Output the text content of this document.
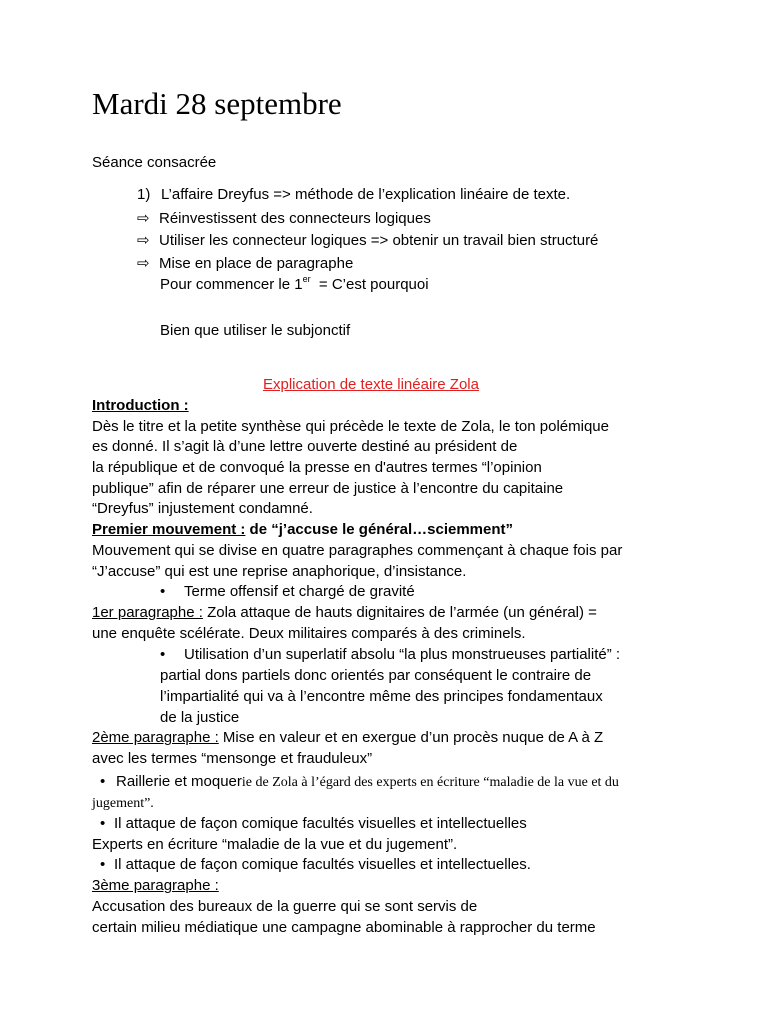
Mardi 28 septembre
Séance consacrée
1) L’affaire Dreyfus => méthode de l’explication linéaire de texte.
⇨ Réinvestissent des connecteurs logiques
⇨ Utiliser les connecteur logiques => obtenir un travail bien structuré
⇨ Mise en place de paragraphe
Pour commencer le 1er  = C’est pourquoi
Bien que utiliser le subjonctif
Explication de texte linéaire Zola
Introduction :
Dès le titre et la petite synthèse qui précède le texte de Zola, le ton polémique
es donné. Il s’agit là d’une lettre ouverte destiné au président de
la république et de convoqué la presse en d'autres termes “l’opinion
publique” afin de réparer une erreur de justice à l’encontre du capitaine
“Dreyfus” injustement condamné.
Premier mouvement : de “j’accuse le général…sciemment”
Mouvement qui se divise en quatre paragraphes commençant à chaque fois par
“J’accuse” qui est une reprise anaphorique, d’insistance.
• Terme offensif et chargé de gravité
1er paragraphe : Zola attaque de hauts dignitaires de l’armée (un général) =
une enquête scélérate. Deux militaires comparés à des criminels.
• Utilisation d’un superlatif absolu “la plus monstrueuses partialité” :
partial dons partiels donc orientés par conséquent le contraire de
l’impartialité qui va à l’encontre même des principes fondamentaux
de la justice
2ème paragraphe : Mise en valeur et en exergue d’un procès nuque de A à Z
avec les termes “mensonge et frauduleux”
• Raillerie et moquerie de Zola à l’égard des experts en écriture “maladie de la vue et du
jugement”.
• Il attaque de façon comique facultés visuelles et intellectuelles
Experts en écriture “maladie de la vue et du jugement”.
• Il attaque de façon comique facultés visuelles et intellectuelles.
3ème paragraphe :
Accusation des bureaux de la guerre qui se sont servis de
certain milieu médiatique une campagne abominable à rapprocher du terme
